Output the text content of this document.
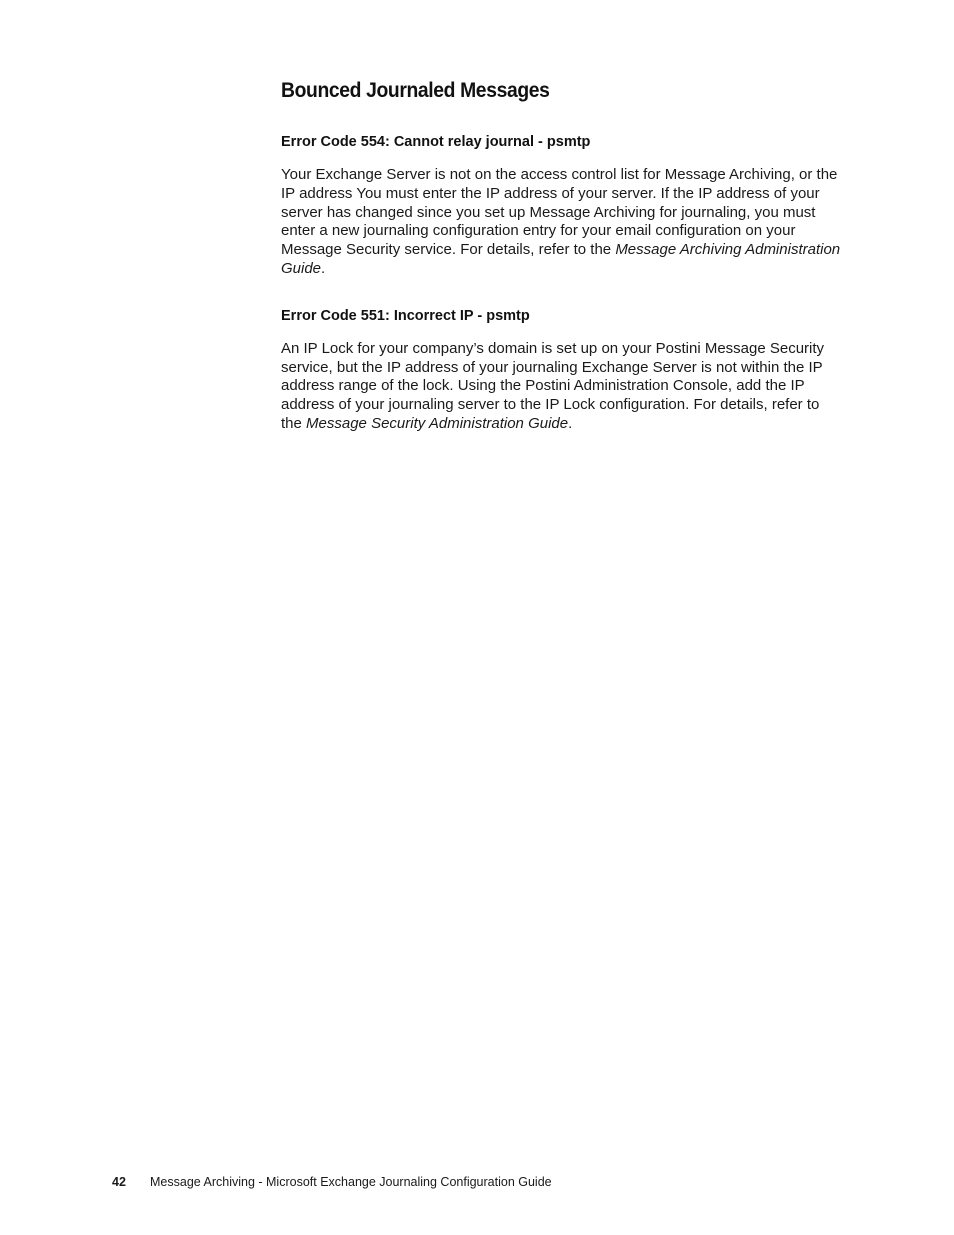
Bounced Journaled Messages

Error Code 554: Cannot relay journal - psmtp

Your Exchange Server is not on the access control list for Message Archiving, or the IP address You must enter the IP address of your server. If the IP address of your server has changed since you set up Message Archiving for journaling, you must enter a new journaling configuration entry for your email configuration on your Message Security service. For details, refer to the Message Archiving Administration Guide.

Error Code 551: Incorrect IP - psmtp

An IP Lock for your company’s domain is set up on your Postini Message Security service, but the IP address of your journaling Exchange Server is not within the IP address range of the lock. Using the Postini Administration Console, add the IP address of your journaling server to the IP Lock configuration. For details, refer to the Message Security Administration Guide.

42 Message Archiving - Microsoft Exchange Journaling Configuration Guide
